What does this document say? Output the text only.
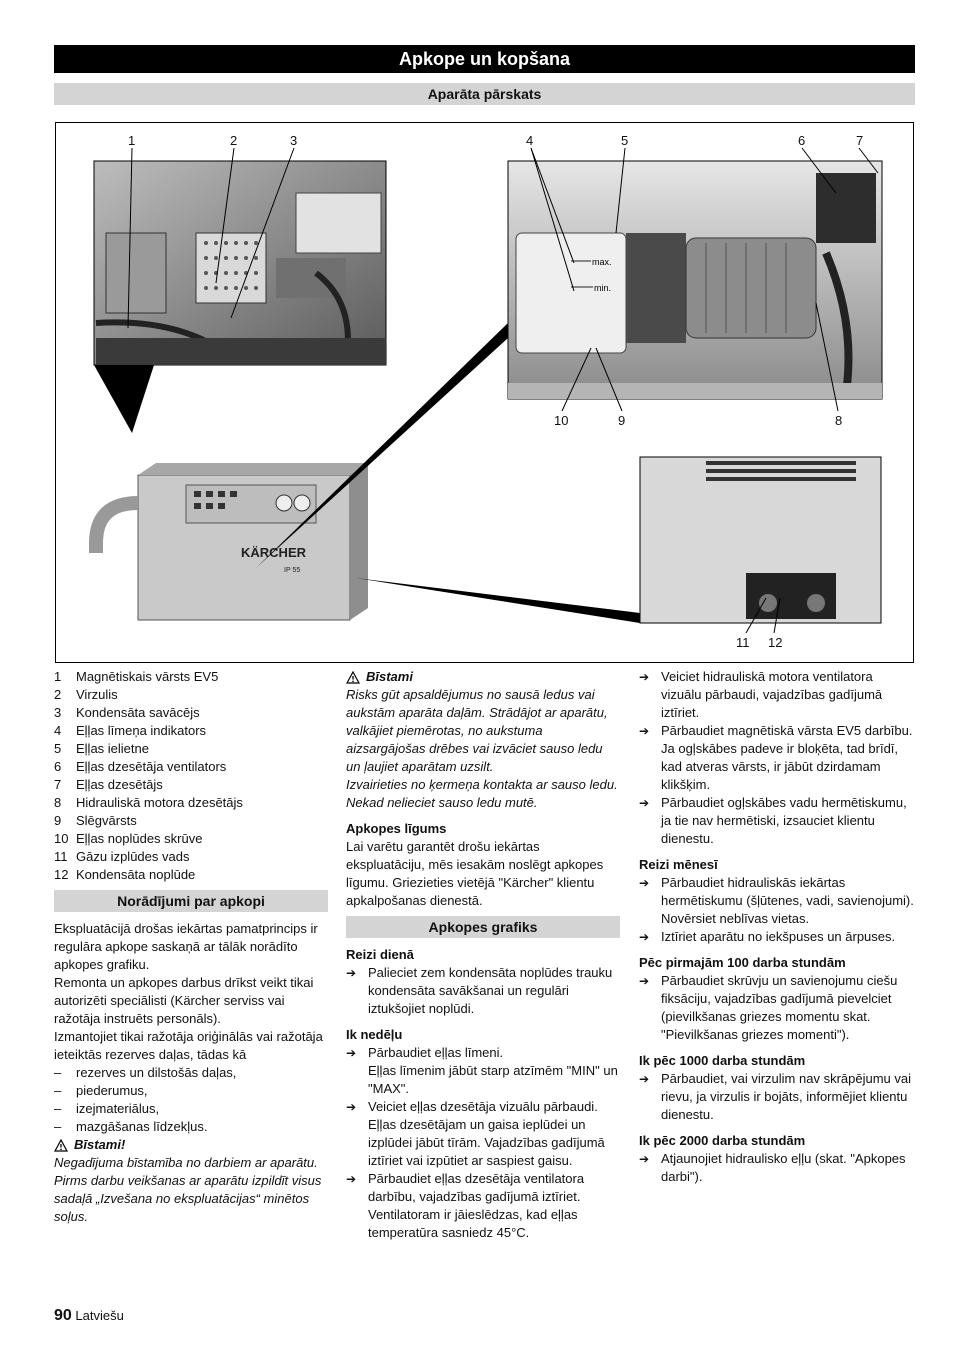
Apkope un kopšana
Aparāta pārskats
max.
min.
KÄRCHER
IP 55
1	2	3	4	5	6	7
10	9	8
11 12
1	Magnētiskais vārsts EV5
2	Virzulis
3	Kondensāta savācējs
4	Eļļas līmeņa indikators
5	Eļļas ielietne
6	Eļļas dzesētāja ventilators
7	Eļļas dzesētājs
8	Hidrauliskā motora dzesētājs
9	Slēgvārsts
10 Eļļas noplūdes skrūve
11 Gāzu izplūdes vads
12 Kondensāta noplūde
Norādījumi par apkopi

Ekspluatācijā drošas iekārtas pamatprincips ir regulāra apkope saskaņā ar tālāk norādīto apkopes grafiku.

Remonta un apkopes darbus drīkst veikt tikai autorizēti speciālisti (Kärcher serviss vai ražotāja instruēts personāls).

Izmantojiet tikai ražotāja oriģinālās vai ražotāja ieteiktās rezerves daļas, tādas kā

–	rezerves un dilstošās daļas,
–	piederumus,
–	izejmateriālus,
–	mazgāšanas līdzekļus.
Bīstami!

Negadījuma bīstamība no darbiem ar aparātu. Pirms darbu veikšanas ar aparātu izpildīt visus sadaļā „Izvešana no ekspluatācijas“ minētos soļus.

Bīstami

Risks gūt apsaldējumus no sausā ledus vai aukstām aparāta daļām. Strādājot ar aparātu, valkājiet piemērotas, no aukstuma aizsargājošas drēbes vai izvāciet sauso ledu un ļaujiet aparātam uzsilt.

Izvairieties no ķermeņa kontakta ar sauso ledu.

Nekad nelieciet sauso ledu mutē.

Apkopes līgums

Lai varētu garantēt drošu iekārtas ekspluatāciju, mēs iesakām noslēgt apkopes līgumu. Griezieties vietējā "Kärcher" klientu apkalpošanas dienestā.

Apkopes grafiks
Reizi dienā
➔ Palieciet zem kondensāta noplūdes trauku kondensāta savākšanai un regulāri iztukšojiet noplūdi.
Ik nedēļu
➔ Pārbaudiet eļļas līmeni.

Eļļas līmenim jābūt starp atzīmēm "MIN" un "MAX".

➔ Veiciet eļļas dzesētāja vizuālu pārbaudi. Eļļas dzesētājam un gaisa ieplūdei un izplūdei jābūt tīrām. Vajadzības gadījumā iztīriet vai izpūtiet ar saspiest gaisu.
➔ Pārbaudiet eļļas dzesētāja ventilatora darbību, vajadzības gadījumā iztīriet. Ventilatoram ir jāieslēdzas, kad eļļas temperatūra sasniedz 45°C.
➔ Veiciet hidrauliskā motora ventilatora vizuālu pārbaudi, vajadzības gadījumā iztīriet.
➔ Pārbaudiet magnētiskā vārsta EV5 darbību. Ja ogļskābes padeve ir bloķēta, tad brīdī, kad atveras vārsts, ir jābūt dzirdamam klikšķim.
➔ Pārbaudiet ogļskābes vadu hermētiskumu, ja tie nav hermētiski, izsauciet klientu dienestu.
Reizi mēnesī
➔ Pārbaudiet hidrauliskās iekārtas hermētiskumu (šļūtenes, vadi, savienojumi). Novērsiet neblīvas vietas.
➔ Iztīriet aparātu no iekšpuses un ārpuses.
Pēc pirmajām 100 darba stundām
➔ Pārbaudiet skrūvju un savienojumu ciešu fiksāciju, vajadzības gadījumā pievelciet (pievilkšanas griezes momentu skat. "Pievilkšanas griezes momenti").
Ik pēc 1000 darba stundām
➔ Pārbaudiet, vai virzulim nav skrāpējumu vai rievu, ja virzulis ir bojāts, informējiet klientu dienestu.
Ik pēc 2000 darba stundām
➔ Atjaunojiet hidraulisko eļļu (skat. "Apkopes darbi").
90 Latviešu
